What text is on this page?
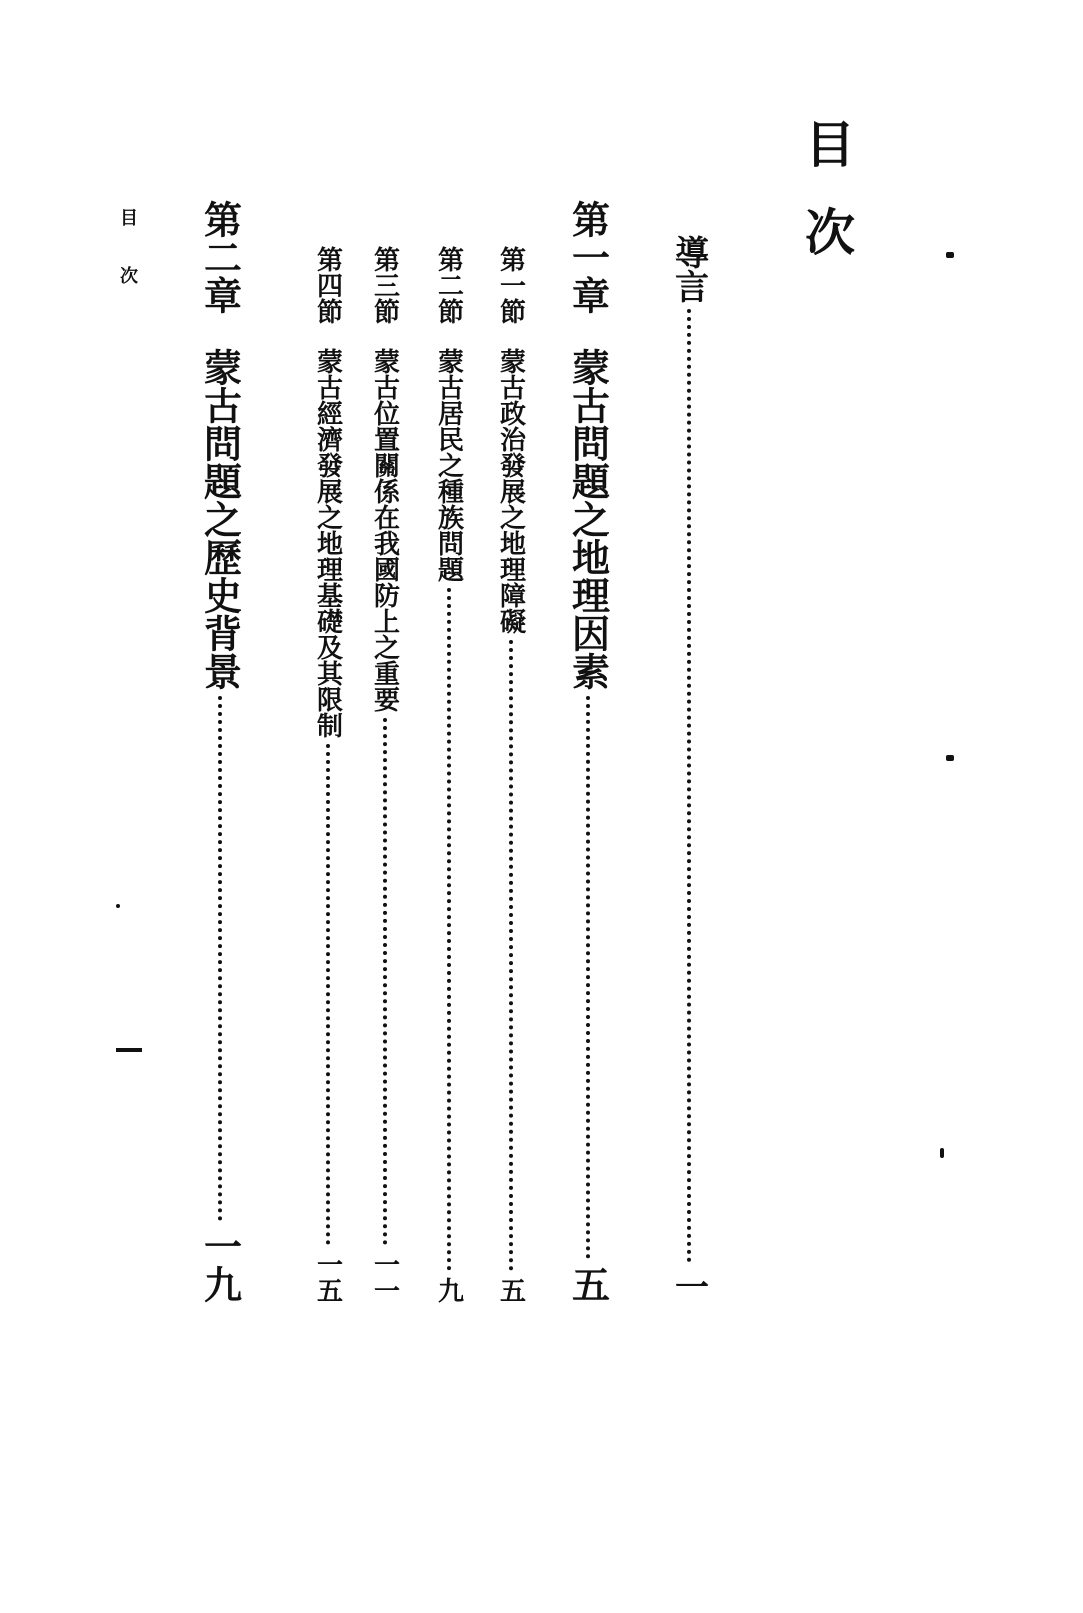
目次
導言
一
第一章
蒙古問題之地理因素
五
第一節
蒙古政治發展之地理障礙
五
第二節
蒙古居民之種族問題
九
第三節
蒙古位置關係在我國防上之重要
一一
第四節
蒙古經濟發展之地理基礎及其限制
一五
第二章
蒙古問題之歷史背景
一九
目次
